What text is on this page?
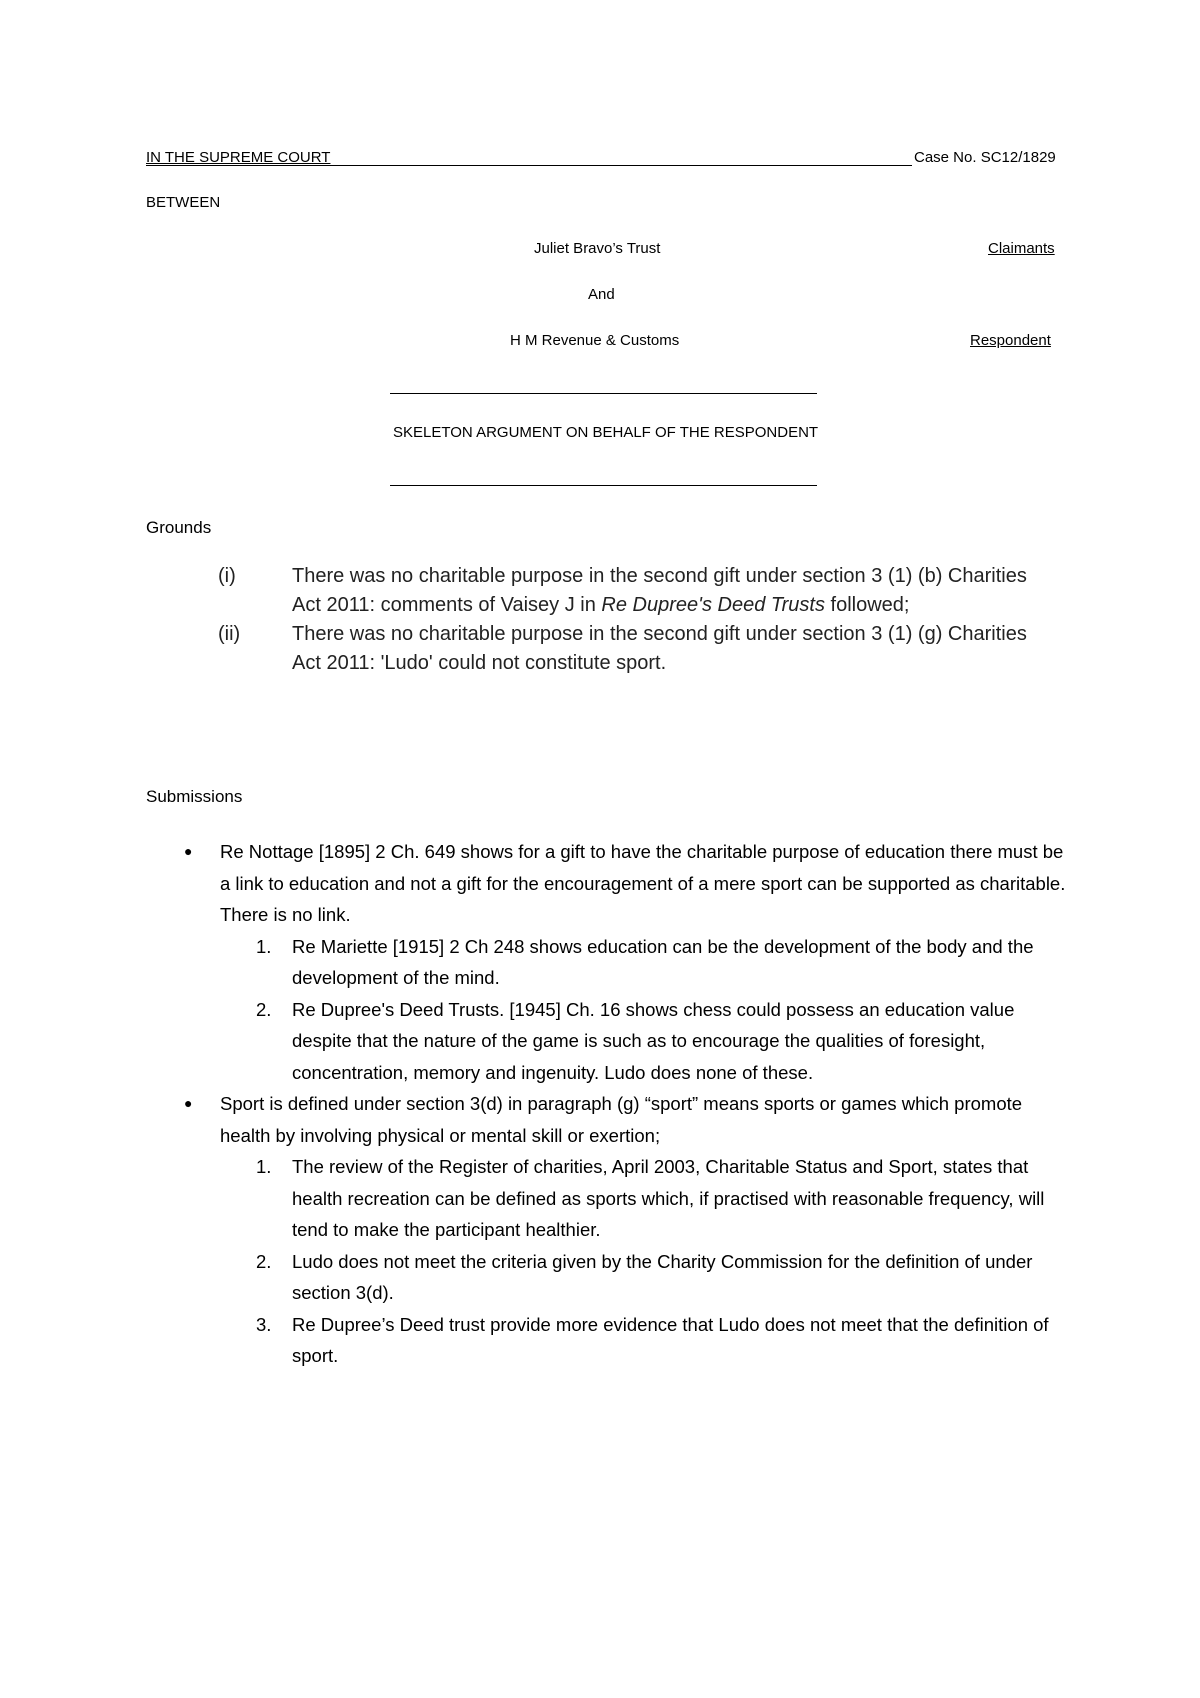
IN THE SUPREME COURT	Case No. SC12/1829
BETWEEN
Juliet Bravo’s Trust	Claimants
And
H M Revenue & Customs	Respondent
SKELETON ARGUMENT ON BEHALF OF THE RESPONDENT
Grounds
(i)	There was no charitable purpose in the second gift under section 3 (1) (b) Charities Act 2011: comments of Vaisey J in Re Dupree's Deed Trusts followed;
(ii)	There was no charitable purpose in the second gift under section 3 (1) (g) Charities Act 2011: 'Ludo' could not constitute sport.
Submissions
●	Re Nottage [1895] 2 Ch. 649 shows for a gift to have the charitable purpose of education there must be a link to education and not a gift for the encouragement of a mere sport can be supported as charitable. There is no link.
1.	Re Mariette [1915] 2 Ch 248 shows education can be the development of the body and the development of the mind.
2.	Re Dupree's Deed Trusts. [1945] Ch. 16 shows chess could possess an education value despite that the nature of the game is such as to encourage the qualities of foresight, concentration, memory and ingenuity. Ludo does none of these.
●	Sport is defined under section 3(d) in paragraph (g) “sport” means sports or games which promote health by involving physical or mental skill or exertion;
1.	The review of the Register of charities, April 2003, Charitable Status and Sport, states that health recreation can be defined as sports which, if practised with reasonable frequency, will tend to make the participant healthier.
2.	Ludo does not meet the criteria given by the Charity Commission for the definition of under section 3(d).
3.	Re Dupree’s Deed trust provide more evidence that Ludo does not meet that the definition of sport.
